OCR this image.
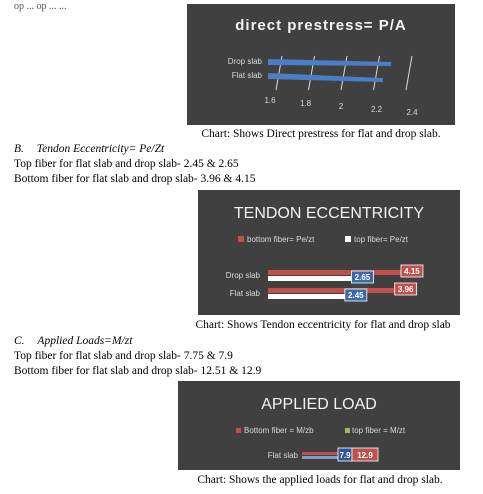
op ... op ... ...
direct prestress= P/A
1.6	1.8	2	2.2	2.4
Drop slab
Flat slab
Chart: Shows Direct prestress for flat and drop slab.
B. Tendon Eccentricity= Pe/Zt
Top fiber for flat slab and drop slab- 2.45 & 2.65
Bottom fiber for flat slab and drop slab- 3.96 & 4.15
TENDON ECCENTRICITY
bottom fiber= Pe/zt	top fiber= Pe/zt
Drop slab	4.15
2.65
Flat slab	3.96
2.45
Chart: Shows Tendon eccentricity for flat and drop slab
C. Applied Loads=M/zt
Top fiber for flat slab and drop slab- 7.75 & 7.9
Bottom fiber for flat slab and drop slab- 12.51 & 12.9
APPLIED LOAD
Bottom fiber = M/zb	top fiber = M/zt
Flat slab	7.9 12.9
Chart: Shows the applied loads for flat and drop slab.
